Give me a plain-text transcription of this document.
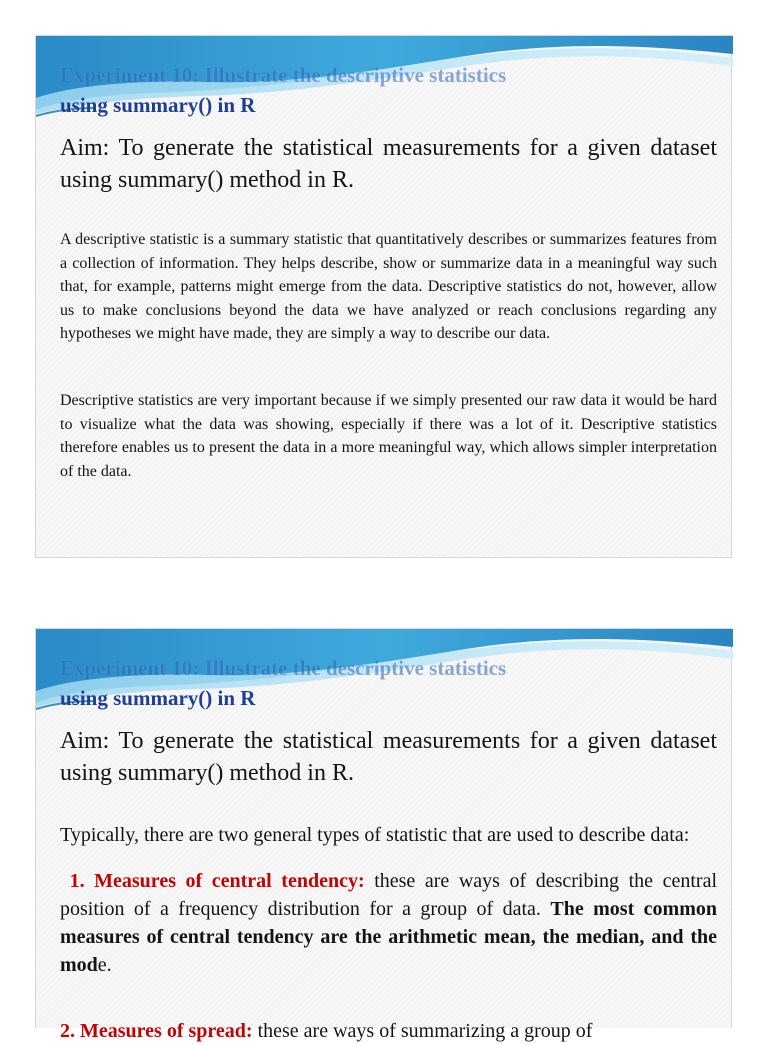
Experiment 10: Illustrate the descriptive statistics
using summary() in R

Aim: To generate the statistical measurements for a given dataset using summary() method in R.

A descriptive statistic is a summary statistic that quantitatively describes or summarizes features from a collection of information. They helps describe, show or summarize data in a meaningful way such that, for example, patterns might emerge from the data. Descriptive statistics do not, however, allow us to make conclusions beyond the data we have analyzed or reach conclusions regarding any hypotheses we might have made, they are simply a way to describe our data.

Descriptive statistics are very important because if we simply presented our raw data it would be hard to visualize what the data was showing, especially if there was a lot of it. Descriptive statistics therefore enables us to present the data in a more meaningful way, which allows simpler interpretation of the data.

Experiment 10: Illustrate the descriptive statistics
using summary() in R

Aim: To generate the statistical measurements for a given dataset using summary() method in R.

Typically, there are two general types of statistic that are used to describe data:

1. Measures of central tendency: these are ways of describing the central position of a frequency distribution for a group of data. The most common measures of central tendency are the arithmetic mean, the median, and the mode.

2. Measures of spread: these are ways of summarizing a group of
